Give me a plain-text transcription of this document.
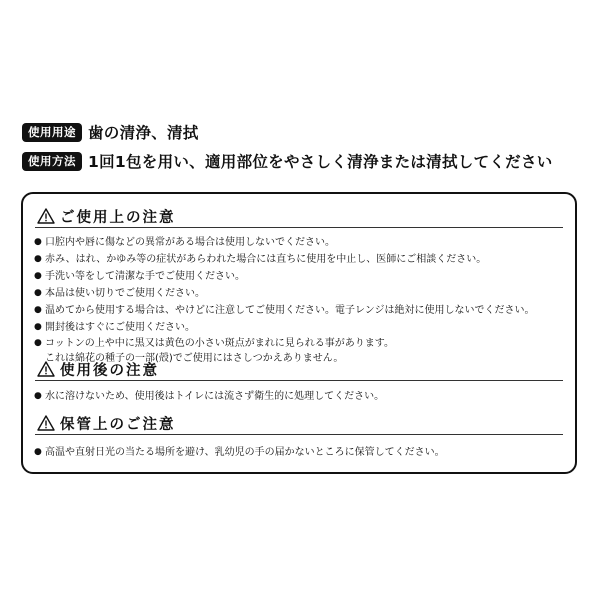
使用用途 歯の清浄、清拭
使用方法 1回1包を用い、適用部位をやさしく清浄または清拭してください
ご使用上の注意
● 口腔内や唇に傷などの異常がある場合は使用しないでください。
● 赤み、はれ、かゆみ等の症状があらわれた場合には直ちに使用を中止し、医師にご相談ください。
● 手洗い等をして清潔な手でご使用ください。
● 本品は使い切りでご使用ください。
● 温めてから使用する場合は、やけどに注意してご使用ください。電子レンジは絶対に使用しないでください。
● 開封後はすぐにご使用ください。
● コットンの上や中に黒又は黄色の小さい斑点がまれに見られる事があります。
これは綿花の種子の一部(殻)でご使用にはさしつかえありません。
使用後の注意
● 水に溶けないため、使用後はトイレには流さず衛生的に処理してください。
保管上のご注意
● 高温や直射日光の当たる場所を避け、乳幼児の手の届かないところに保管してください。
